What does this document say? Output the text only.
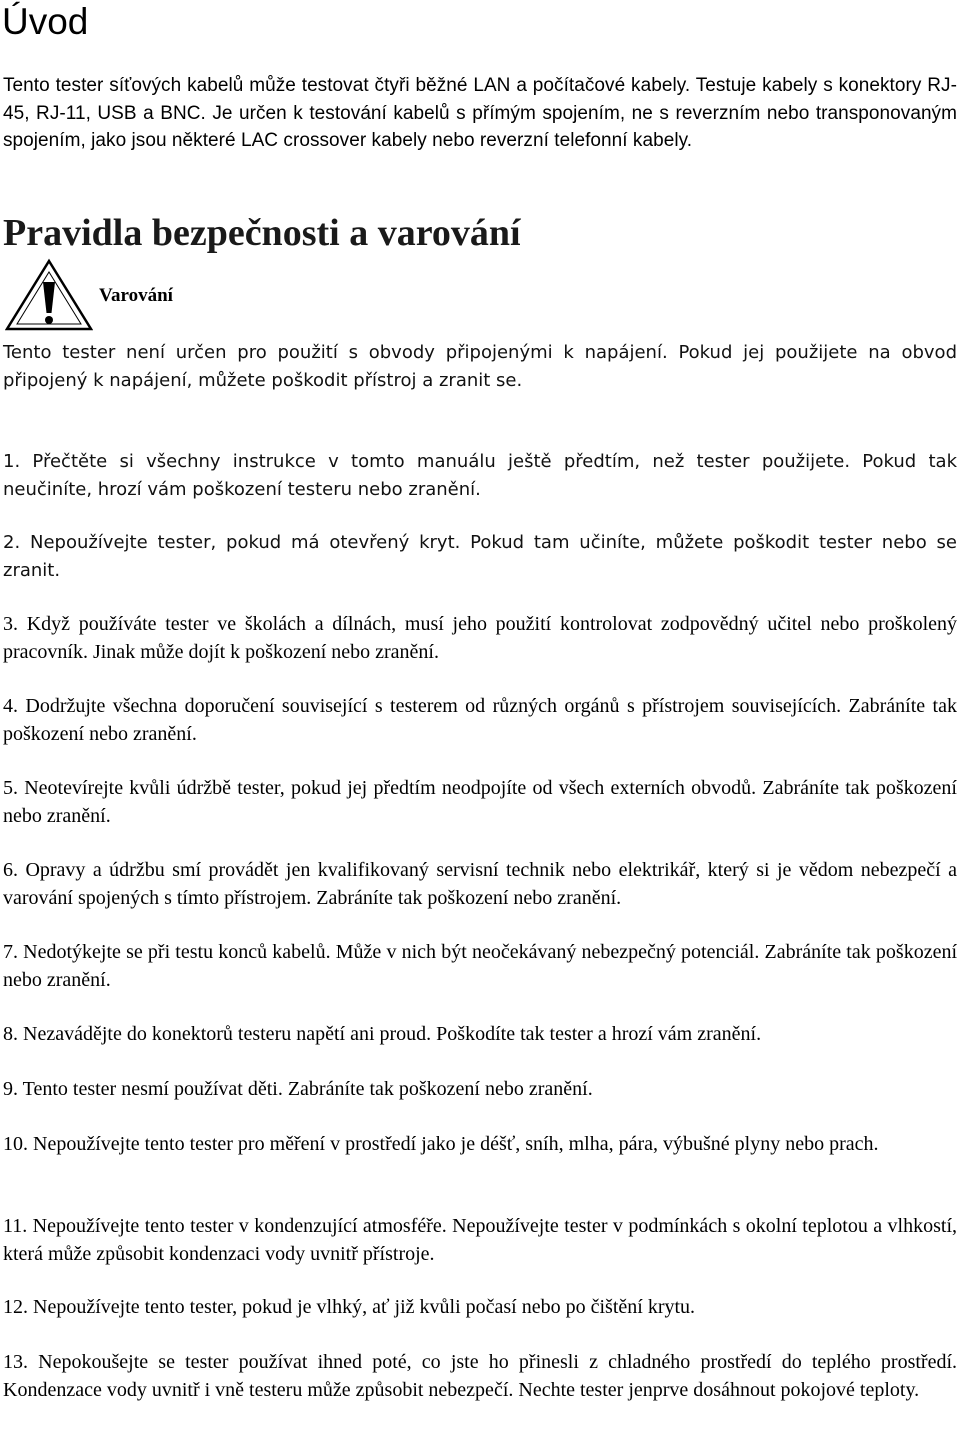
Úvod

Tento tester síťových kabelů může testovat čtyři běžné LAN a počítačové kabely. Testuje kabely s konektory RJ-45, RJ-11, USB a BNC. Je určen k testování kabelů s přímým spojením, ne s reverzním nebo transponovaným spojením, jako jsou některé LAC crossover kabely nebo reverzní telefonní kabely.

Pravidla bezpečnosti a varování

Varování

Tento tester není určen pro použití s obvody připojenými k napájení. Pokud jej použijete na obvod připojený k napájení, můžete poškodit přístroj a zranit se.

1. Přečtěte si všechny instrukce v tomto manuálu ještě předtím, než tester použijete. Pokud tak neučiníte, hrozí vám poškození testeru nebo zranění.

2. Nepoužívejte tester, pokud má otevřený kryt. Pokud tam učiníte, můžete poškodit tester nebo se zranit.

3. Když používáte tester ve školách a dílnách, musí jeho použití kontrolovat zodpovědný učitel nebo proškolený pracovník. Jinak může dojít k poškození nebo zranění.

4. Dodržujte všechna doporučení související s testerem od různých orgánů s přístrojem souvisejících. Zabráníte tak poškození nebo zranění.

5. Neotevírejte kvůli údržbě tester, pokud jej předtím neodpojíte od všech externích obvodů. Zabráníte tak poškození nebo zranění.

6. Opravy a údržbu smí provádět jen kvalifikovaný servisní technik nebo elektrikář, který si je vědom nebezpečí a varování spojených s tímto přístrojem. Zabráníte tak poškození nebo zranění.

7. Nedotýkejte se při testu konců kabelů. Může v nich být neočekávaný nebezpečný potenciál. Zabráníte tak poškození nebo zranění.

8. Nezavádějte do konektorů testeru napětí ani proud. Poškodíte tak tester a hrozí vám zranění.

9. Tento tester nesmí používat děti. Zabráníte tak poškození nebo zranění.

10. Nepoužívejte tento tester pro měření v prostředí jako je déšť, sníh, mlha, pára, výbušné plyny nebo prach.

11. Nepoužívejte tento tester v kondenzující atmosféře. Nepoužívejte tester v podmínkách s okolní teplotou a vlhkostí, která může způsobit kondenzaci vody uvnitř přístroje.

12. Nepoužívejte tento tester, pokud je vlhký, ať již kvůli počasí nebo po čištění krytu.

13. Nepokoušejte se tester používat ihned poté, co jste ho přinesli z chladného prostředí do teplého prostředí. Kondenzace vody uvnitř i vně testeru může způsobit nebezpečí. Nechte tester jenprve dosáhnout pokojové teploty.
